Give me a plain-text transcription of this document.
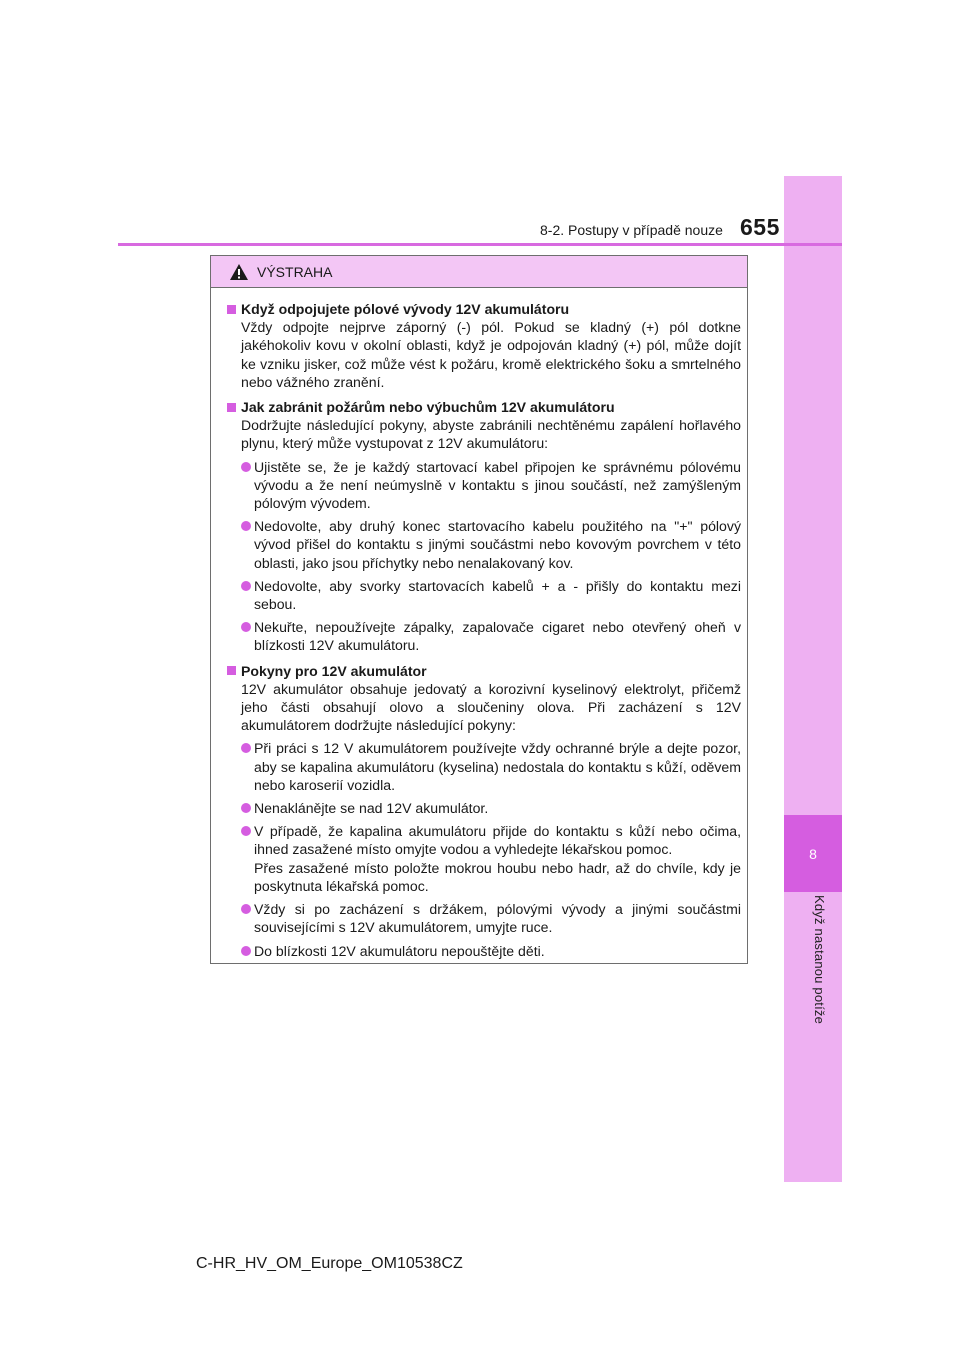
8
Když nastanou potíže
8-2. Postupy v případě nouze 655
VÝSTRAHA
Když odpojujete pólové vývody 12V akumulátoru
Vždy odpojte nejprve záporný (-) pól. Pokud se kladný (+) pól dotkne jakéhokoliv kovu v okolní oblasti, když je odpojován kladný (+) pól, může dojít ke vzniku jisker, což může vést k požáru, kromě elektrického šoku a smrtelného nebo vážného zranění.
Jak zabránit požárům nebo výbuchům 12V akumulátoru
Dodržujte následující pokyny, abyste zabránili nechtěnému zapálení hořlavého plynu, který může vystupovat z 12V akumulátoru:
Ujistěte se, že je každý startovací kabel připojen ke správnému pólovému vývodu a že není neúmyslně v kontaktu s jinou součástí, než zamýšleným pólovým vývodem.
Nedovolte, aby druhý konec startovacího kabelu použitého na "+" pólový vývod přišel do kontaktu s jinými součástmi nebo kovovým povrchem v této oblasti, jako jsou příchytky nebo nenalakovaný kov.
Nedovolte, aby svorky startovacích kabelů + a - přišly do kontaktu mezi sebou.
Nekuřte, nepoužívejte zápalky, zapalovače cigaret nebo otevřený oheň v blízkosti 12V akumulátoru.
Pokyny pro 12V akumulátor
12V akumulátor obsahuje jedovatý a korozivní kyselinový elektrolyt, přičemž jeho části obsahují olovo a sloučeniny olova. Při zacházení s 12V akumulátorem dodržujte následující pokyny:
Při práci s 12 V akumulátorem používejte vždy ochranné brýle a dejte pozor, aby se kapalina akumulátoru (kyselina) nedostala do kontaktu s kůží, oděvem nebo karoserií vozidla.
Nenaklánějte se nad 12V akumulátor.
V případě, že kapalina akumulátoru přijde do kontaktu s kůží nebo očima, ihned zasažené místo omyjte vodou a vyhledejte lékařskou pomoc.
Přes zasažené místo položte mokrou houbu nebo hadr, až do chvíle, kdy je poskytnuta lékařská pomoc.
Vždy si po zacházení s držákem, pólovými vývody a jinými součástmi souvisejícími s 12V akumulátorem, umyjte ruce.
Do blízkosti 12V akumulátoru nepouštějte děti.
C-HR_HV_OM_Europe_OM10538CZ
